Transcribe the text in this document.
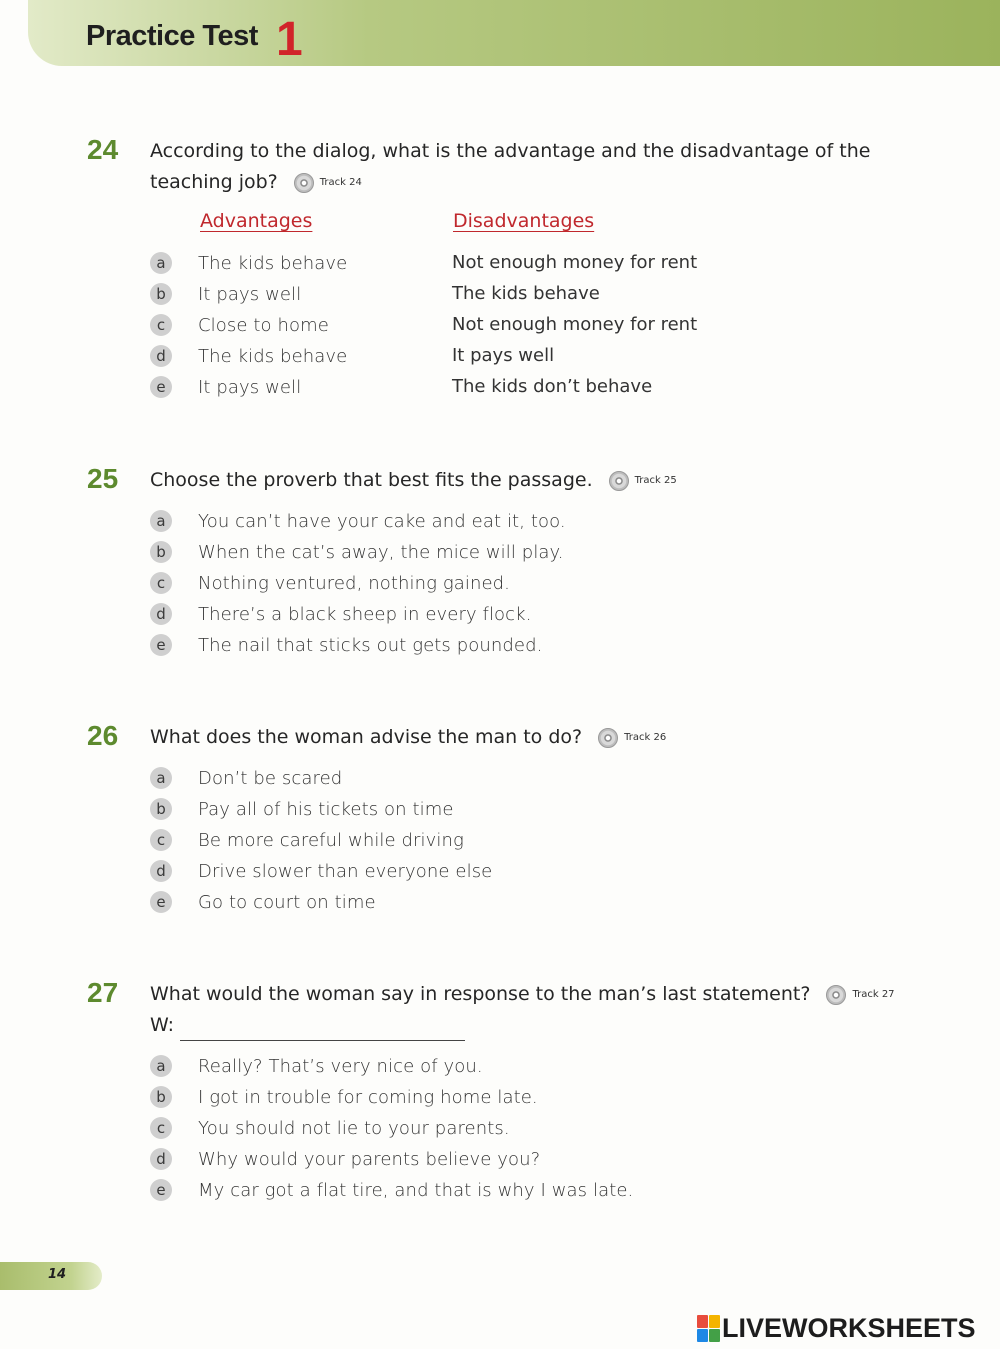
Practice Test 1
24 According to the dialog, what is the advantage and the disadvantage of the
teaching job?	Track 24
Advantages	Disadvantages
a	The kids behave	Not enough money for rent
b	It pays well	The kids behave
c	Close to home	Not enough money for rent
d	The kids behave	It pays well
e	It pays well	The kids don’t behave
25 Choose the proverb that best fits the passage.	Track 25
a	You can’t have your cake and eat it, too.
b	When the cat’s away, the mice will play.
c	Nothing ventured, nothing gained.
d	There’s a black sheep in every flock.
e	The nail that sticks out gets pounded.
26 What does the woman advise the man to do?	Track 26
a	Don’t be scared
b	Pay all of his tickets on time
c	Be more careful while driving
d	Drive slower than everyone else
e	Go to court on time
27 What would the woman say in response to the man’s last statement?	Track 27
W:
a	Really? That’s very nice of you.
b	I got in trouble for coming home late.
c	You should not lie to your parents.
d	Why would your parents believe you?
e	My car got a flat tire, and that is why I was late.
14
LIVEWORKSHEETS
